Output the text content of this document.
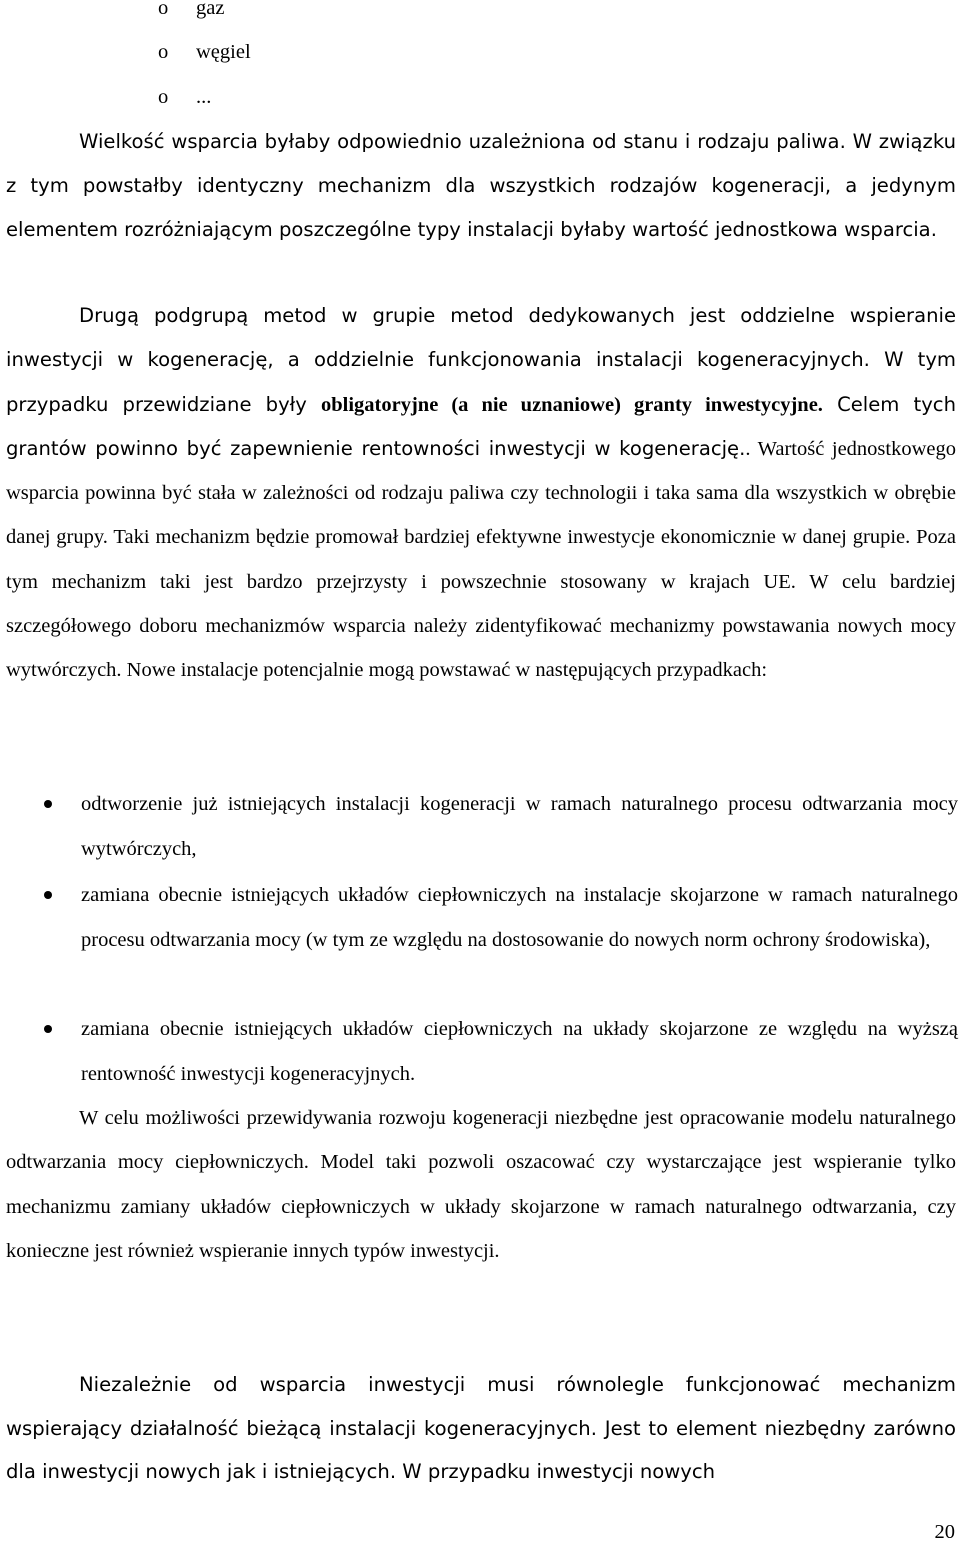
o gaz
o węgiel
o ...

Wielkość wsparcia byłaby odpowiednio uzależniona od stanu i rodzaju paliwa. W związku z tym powstałby identyczny mechanizm dla wszystkich rodzajów kogeneracji, a jedynym elementem rozróżniającym poszczególne typy instalacji byłaby wartość jednostkowa wsparcia.

Drugą podgrupą metod w grupie metod dedykowanych jest oddzielne wspieranie inwestycji w kogenerację, a oddzielnie funkcjonowania instalacji kogeneracyjnych. W tym przypadku przewidziane były obligatoryjne (a nie uznaniowe) granty inwestycyjne. Celem tych grantów powinno być zapewnienie rentowności inwestycji w kogenerację.. Wartość jednostkowego wsparcia powinna być stała w zależności od rodzaju paliwa czy technologii i taka sama dla wszystkich w obrębie danej grupy. Taki mechanizm będzie promował bardziej efektywne inwestycje ekonomicznie w danej grupie. Poza tym mechanizm taki jest bardzo przejrzysty i powszechnie stosowany w krajach UE. W celu bardziej szczegółowego doboru mechanizmów wsparcia należy zidentyfikować mechanizmy powstawania nowych mocy wytwórczych. Nowe instalacje potencjalnie mogą powstawać w następujących przypadkach:

odtworzenie już istniejących instalacji kogeneracji w ramach naturalnego procesu odtwarzania mocy wytwórczych,

zamiana obecnie istniejących układów ciepłowniczych na instalacje skojarzone w ramach naturalnego procesu odtwarzania mocy (w tym ze względu na dostosowanie do nowych norm ochrony środowiska),

zamiana obecnie istniejących układów ciepłowniczych na układy skojarzone ze względu na wyższą rentowność inwestycji kogeneracyjnych.

W celu możliwości przewidywania rozwoju kogeneracji niezbędne jest opracowanie modelu naturalnego odtwarzania mocy ciepłowniczych. Model taki pozwoli oszacować czy wystarczające jest wspieranie tylko mechanizmu zamiany układów ciepłowniczych w układy skojarzone w ramach naturalnego odtwarzania, czy konieczne jest również wspieranie innych typów inwestycji.

Niezależnie od wsparcia inwestycji musi równolegle funkcjonować mechanizm wspierający działalność bieżącą instalacji kogeneracyjnych. Jest to element niezbędny zarówno dla inwestycji nowych jak i istniejących. W przypadku inwestycji nowych

20
